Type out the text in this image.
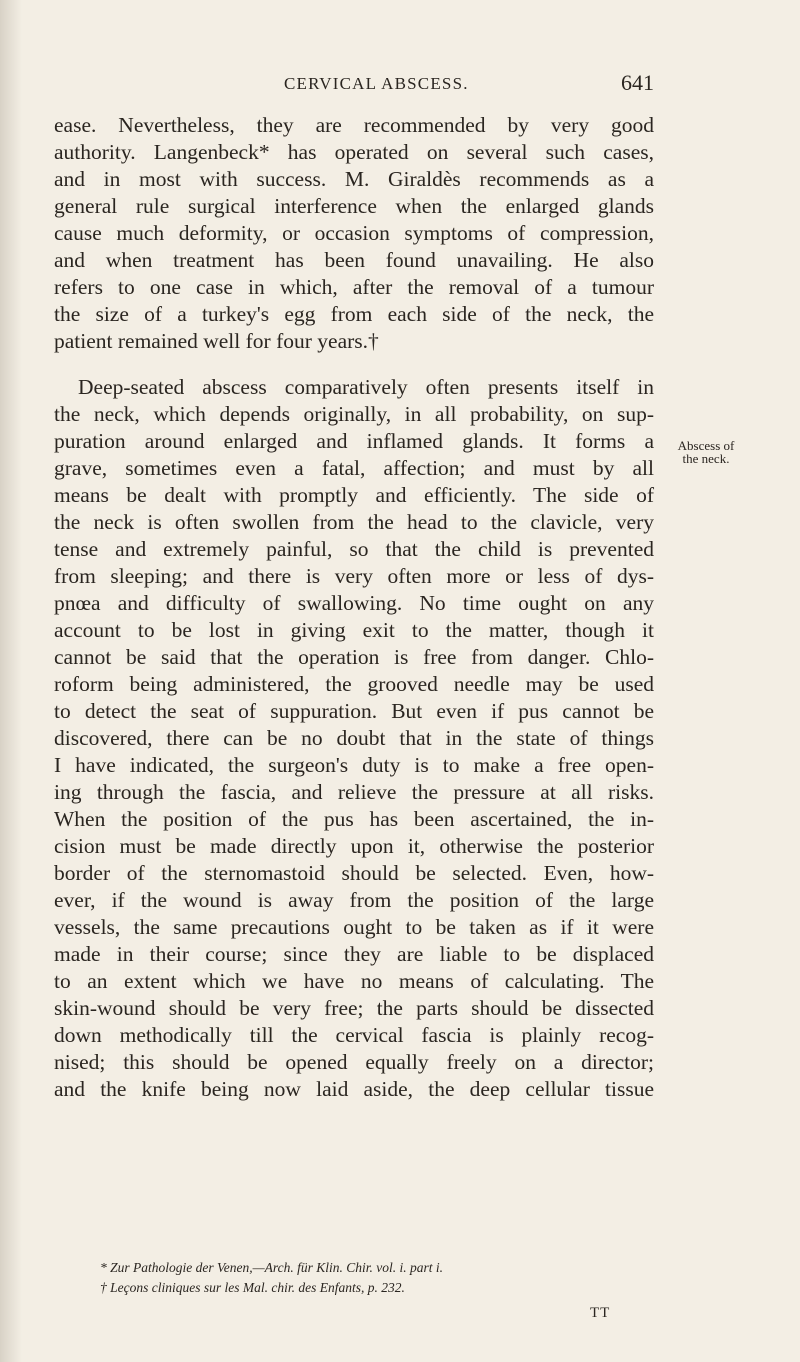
CERVICAL ABSCESS.	641
ease. Nevertheless, they are recommended by very good
authority. Langenbeck* has operated on several such cases,
and in most with success. M. Giraldès recommends as a
general rule surgical interference when the enlarged glands
cause much deformity, or occasion symptoms of compression,
and when treatment has been found unavailing. He also
refers to one case in which, after the removal of a tumour
the size of a turkey's egg from each side of the neck, the
patient remained well for four years.†
Deep-seated abscess comparatively often presents itself in
the neck, which depends originally, in all probability, on sup-
puration around enlarged and inflamed glands. It forms a
grave, sometimes even a fatal, affection; and must by all
means be dealt with promptly and efficiently. The side of
the neck is often swollen from the head to the clavicle, very
tense and extremely painful, so that the child is prevented
from sleeping; and there is very often more or less of dys-
pnœa and difficulty of swallowing. No time ought on any
account to be lost in giving exit to the matter, though it
cannot be said that the operation is free from danger. Chlo-
roform being administered, the grooved needle may be used
to detect the seat of suppuration. But even if pus cannot be
discovered, there can be no doubt that in the state of things
I have indicated, the surgeon's duty is to make a free open-
ing through the fascia, and relieve the pressure at all risks.
When the position of the pus has been ascertained, the in-
cision must be made directly upon it, otherwise the posterior
border of the sternomastoid should be selected. Even, how-
ever, if the wound is away from the position of the large
vessels, the same precautions ought to be taken as if it were
made in their course; since they are liable to be displaced
to an extent which we have no means of calculating. The
skin-wound should be very free; the parts should be dissected
down methodically till the cervical fascia is plainly recog-
nised; this should be opened equally freely on a director;
and the knife being now laid aside, the deep cellular tissue
Abscess of
the neck.
* Zur Pathologie der Venen,—Arch. für Klin. Chir. vol. i. part i.
† Leçons cliniques sur les Mal. chir. des Enfants, p. 232.
TT
